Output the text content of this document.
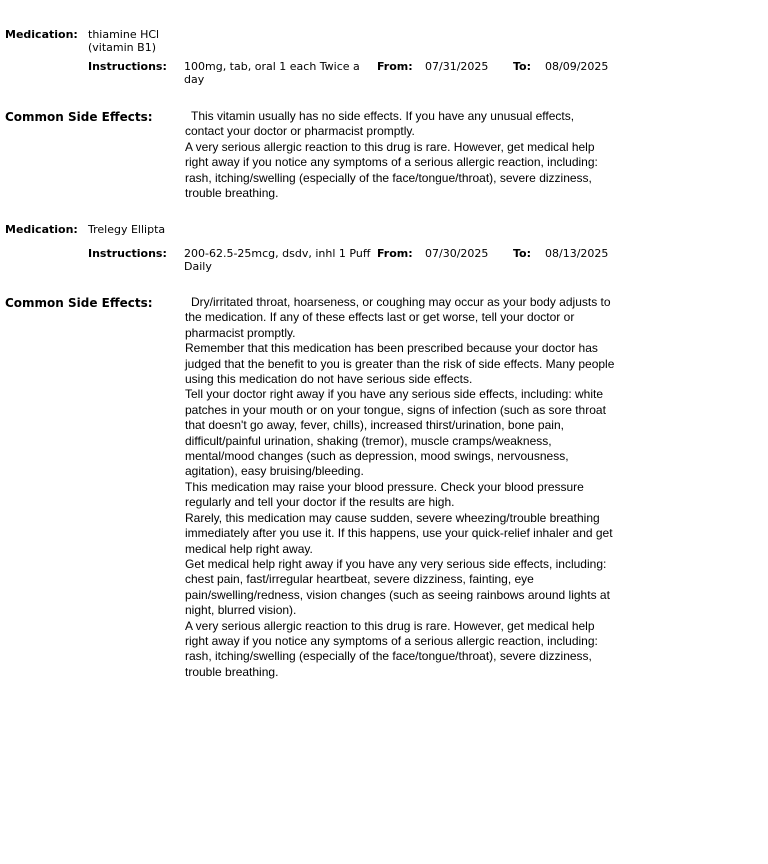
Medication: thiamine HCl (vitamin B1)
Instructions: 100mg, tab, oral 1 each Twice a day
From: 07/31/2025 To: 08/09/2025
Common Side Effects:	This vitamin usually has no side effects. If you have any unusual effects, contact your doctor or pharmacist promptly.

A very serious allergic reaction to this drug is rare. However, get medical help right away if you notice any symptoms of a serious allergic reaction, including: rash, itching/swelling (especially of the face/tongue/throat), severe dizziness, trouble breathing.

Medication: Trelegy Ellipta
Instructions: 200-62.5-25mcg, dsdv, inhl 1 Puff Daily
From: 07/30/2025 To: 08/13/2025
Common Side Effects:	Dry/irritated throat, hoarseness, or coughing may occur as your body adjusts to the medication. If any of these effects last or get worse, tell your doctor or pharmacist promptly.

Remember that this medication has been prescribed because your doctor has judged that the benefit to you is greater than the risk of side effects. Many people using this medication do not have serious side effects.

Tell your doctor right away if you have any serious side effects, including: white patches in your mouth or on your tongue, signs of infection (such as sore throat that doesn't go away, fever, chills), increased thirst/urination, bone pain, difficult/painful urination, shaking (tremor), muscle cramps/weakness, mental/mood changes (such as depression, mood swings, nervousness, agitation), easy bruising/bleeding.

This medication may raise your blood pressure. Check your blood pressure regularly and tell your doctor if the results are high.

Rarely, this medication may cause sudden, severe wheezing/trouble breathing immediately after you use it. If this happens, use your quick-relief inhaler and get medical help right away.

Get medical help right away if you have any very serious side effects, including: chest pain, fast/irregular heartbeat, severe dizziness, fainting, eye pain/swelling/redness, vision changes (such as seeing rainbows around lights at night, blurred vision).

A very serious allergic reaction to this drug is rare. However, get medical help right away if you notice any symptoms of a serious allergic reaction, including: rash, itching/swelling (especially of the face/tongue/throat), severe dizziness, trouble breathing.
